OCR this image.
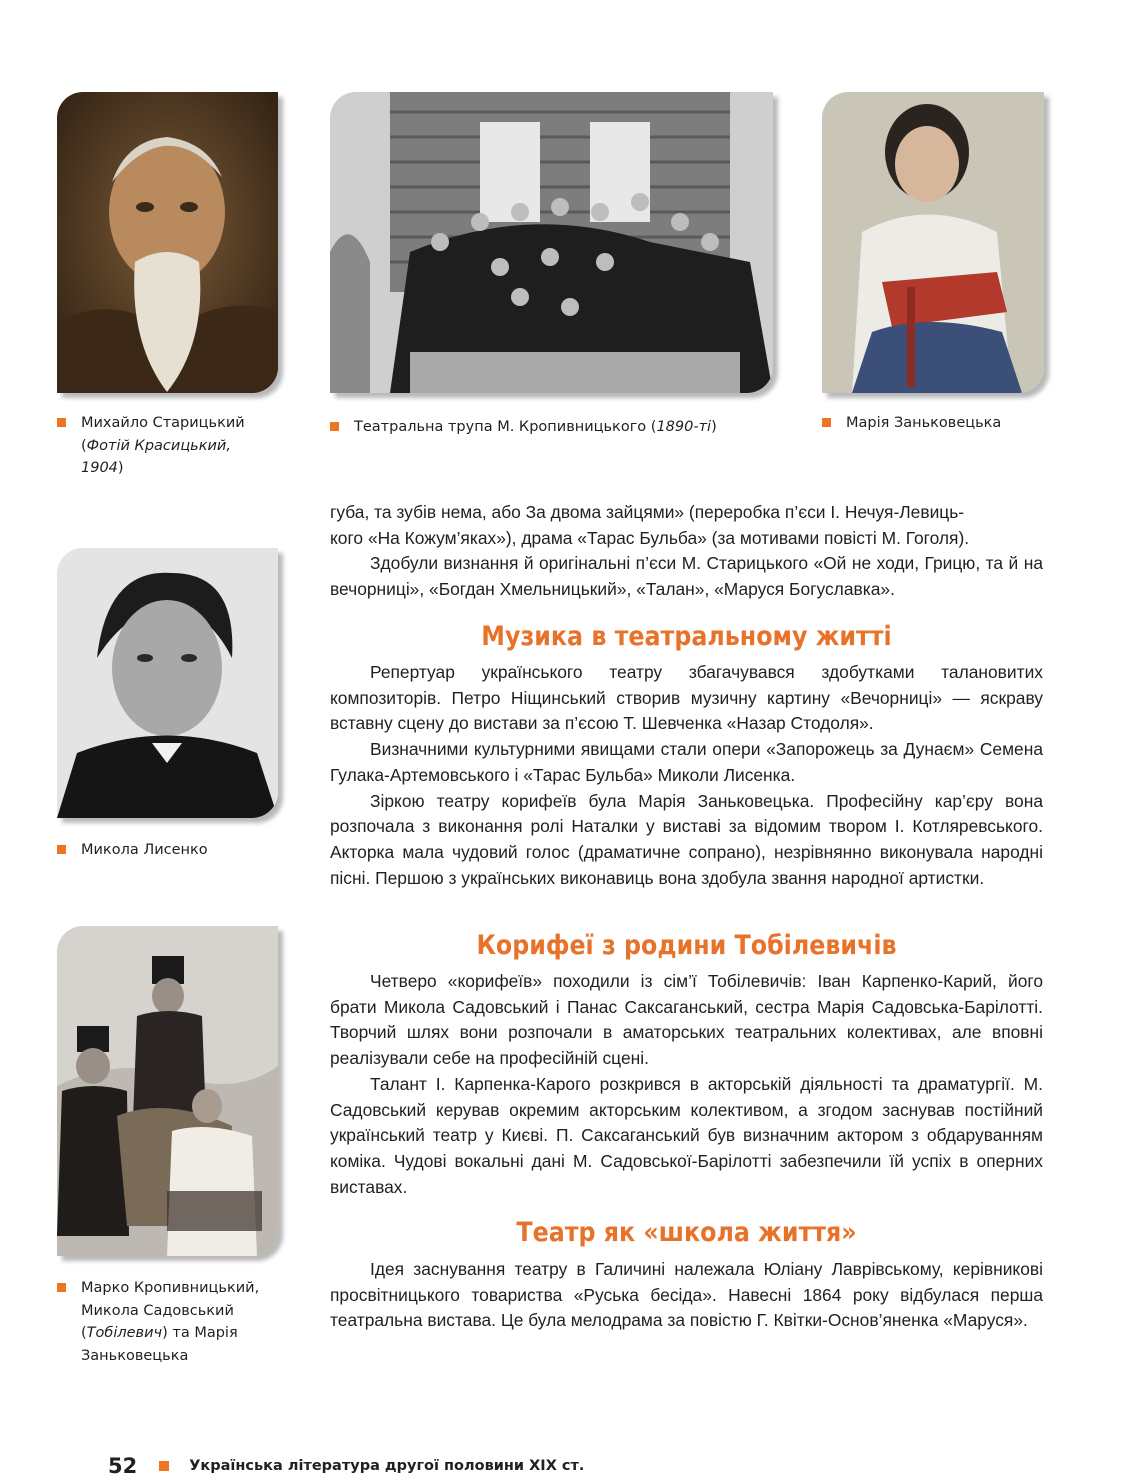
Михайло Старицький
(Фотій Красицький,
1904)
Театральна трупа М. Кропивницького (1890-ті)	Марія Заньковецька
Микола Лисенко
Марко Кропивницький,
Микола Садовський
(Тобілевич) та Марія
Заньковецька

губа, та зубів нема, або За двома зайцями» (переробка п’єси І. Нечуя-Левиць-

кого «На Кожум’яках»), драма «Тарас Бульба» (за мотивами повісті М. Гоголя).

Здобули визнання й оригінальні п’єси М. Старицького «Ой не ходи, Грицю, та й на вечорниці», «Богдан Хмельницький», «Талан», «Маруся Богуславка».

Музика в театральному житті

Репертуар українського театру збагачувався здобутками талановитих композиторів. Петро Ніщинський створив музичну картину «Вечорниці» — яскраву вставну сцену до вистави за п’єсою Т. Шевченка «Назар Стодоля».

Визначними культурними явищами стали опери «Запорожець за Дунаєм» Семена Гулака-Артемовського і «Тарас Бульба» Миколи Лисенка.

Зіркою театру корифеїв була Марія Заньковецька. Професійну кар’єру вона розпочала з виконання ролі Наталки у виставі за відомим твором І. Котляревського. Акторка мала чудовий голос (драматичне сопрано), незрівнянно виконувала народні пісні. Першою з українських виконавиць вона здобула звання народної артистки.

Корифеї з родини Тобілевичів

Четверо «корифеїв» походили із сім’ї Тобілевичів: Іван Карпенко-Карий, його брати Микола Садовський і Панас Саксаганський, сестра Марія Садовська-Барілотті. Творчий шлях вони розпочали в аматорських театральних колективах, але вповні реалізували себе на професійній сцені.

Талант І. Карпенка-Карого розкрився в акторській діяльності та драматургії. М. Садовський керував окремим акторським колективом, а згодом заснував постійний український театр у Києві. П. Саксаганський був визначним актором з обдаруванням коміка. Чудові вокальні дані М. Садовської-Барілотті забезпечили їй успіх в оперних виставах.

Театр як «школа життя»

Ідея заснування театру в Галичині належала Юліану Лаврівському, керівникові просвітницького товариства «Руська бесіда». Навесні 1864 року відбулася перша театральна вистава. Це була мелодрама за повістю Г. Квітки-Основ’яненка «Маруся».

52	Українська література другої половини XIX ст.
